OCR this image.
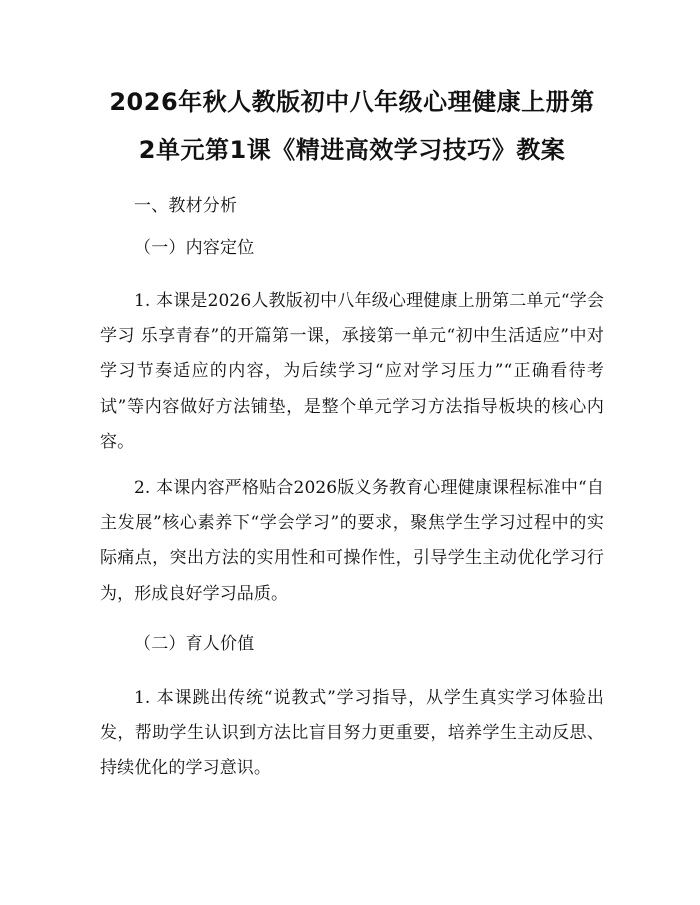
2026年秋人教版初中八年级心理健康上册第
2单元第1课《精进高效学习技巧》教案

一、教材分析

（一）内容定位

1. 本课是2026人教版初中八年级心理健康上册第二单元“学会学习 乐享青春”的开篇第一课，承接第一单元“初中生活适应”中对学习节奏适应的内容，为后续学习“应对学习压力”“正确看待考试”等内容做好方法铺垫，是整个单元学习方法指导板块的核心内容。

2. 本课内容严格贴合2026版义务教育心理健康课程标准中“自主发展”核心素养下“学会学习”的要求，聚焦学生学习过程中的实际痛点，突出方法的实用性和可操作性，引导学生主动优化学习行为，形成良好学习品质。

（二）育人价值

1. 本课跳出传统“说教式”学习指导，从学生真实学习体验出发，帮助学生认识到方法比盲目努力更重要，培养学生主动反思、持续优化的学习意识。
